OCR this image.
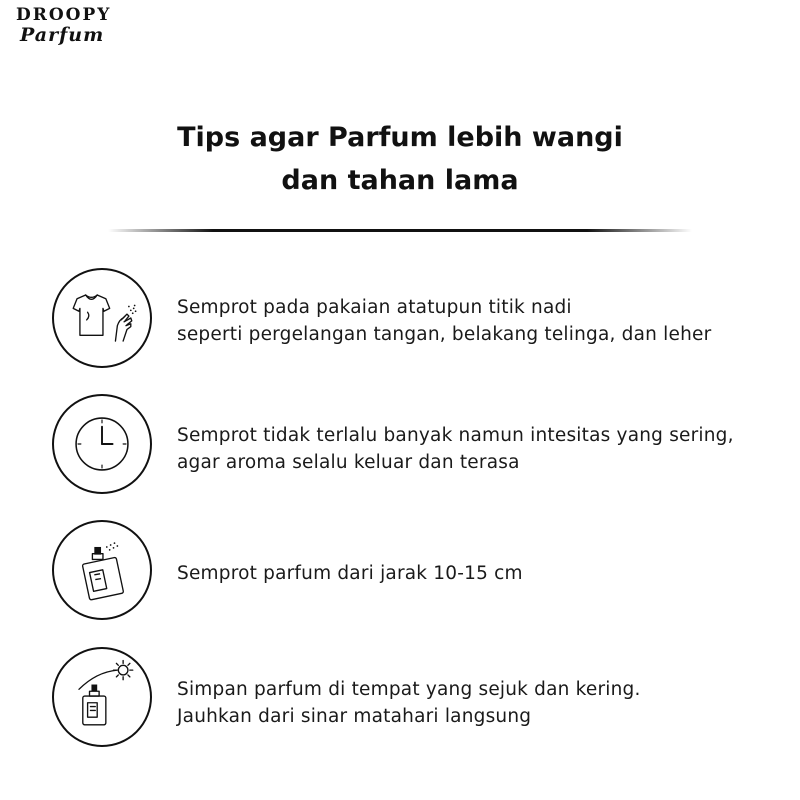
DROOPY
Parfum
Tips agar Parfum lebih wangi
dan tahan lama
Semprot pada pakaian atatupun titik nadi
seperti pergelangan tangan, belakang telinga, dan leher
Semprot tidak terlalu banyak namun intesitas yang sering,
agar aroma selalu keluar dan terasa
Semprot parfum dari jarak 10-15 cm
Simpan parfum di tempat yang sejuk dan kering.
Jauhkan dari sinar matahari langsung
